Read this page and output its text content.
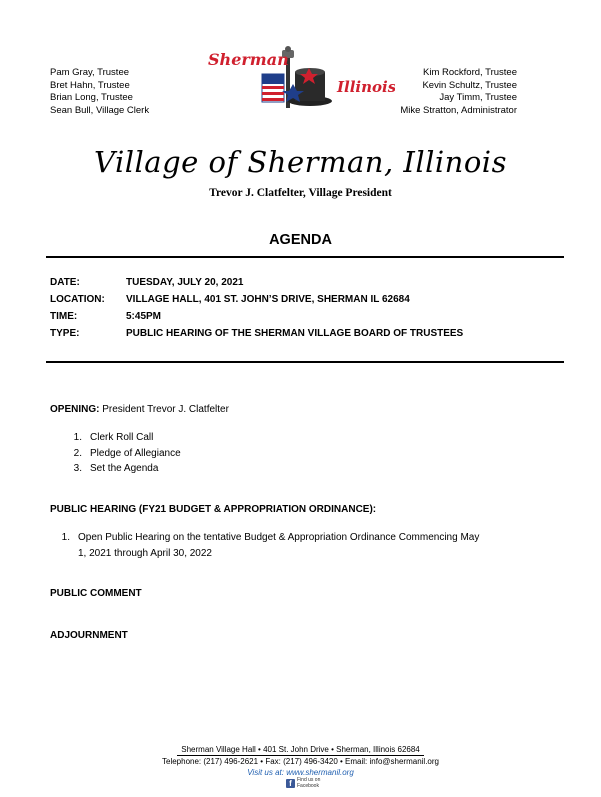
Pam Gray, Trustee
Bret Hahn, Trustee
Brian Long, Trustee
Sean Bull, Village Clerk
Kim Rockford, Trustee
Kevin Schultz, Trustee
Jay Timm, Trustee
Mike Stratton, Administrator
Sherman
Illinois
Village of Sherman, Illinois
Trevor J. Clatfelter, Village President
AGENDA
DATE:	TUESDAY, JULY 20, 2021
LOCATION:	VILLAGE HALL, 401 ST. JOHN’S DRIVE, SHERMAN IL 62684
TIME:	5:45PM
TYPE:	PUBLIC HEARING OF THE SHERMAN VILLAGE BOARD OF TRUSTEES
OPENING: President Trevor J. Clatfelter
1. Clerk Roll Call
2. Pledge of Allegiance
3. Set the Agenda
PUBLIC HEARING (FY21 BUDGET & APPROPRIATION ORDINANCE):
1. Open Public Hearing on the tentative Budget & Appropriation Ordinance Commencing May
1, 2021 through April 30, 2022
PUBLIC COMMENT
ADJOURNMENT
Sherman Village Hall • 401 St. John Drive • Sherman, Illinois 62684
Telephone: (217) 496-2621 • Fax: (217) 496-3420 • Email: info@shermanil.org
Visit us at: www.shermanil.org
f	Find us on
Facebook
